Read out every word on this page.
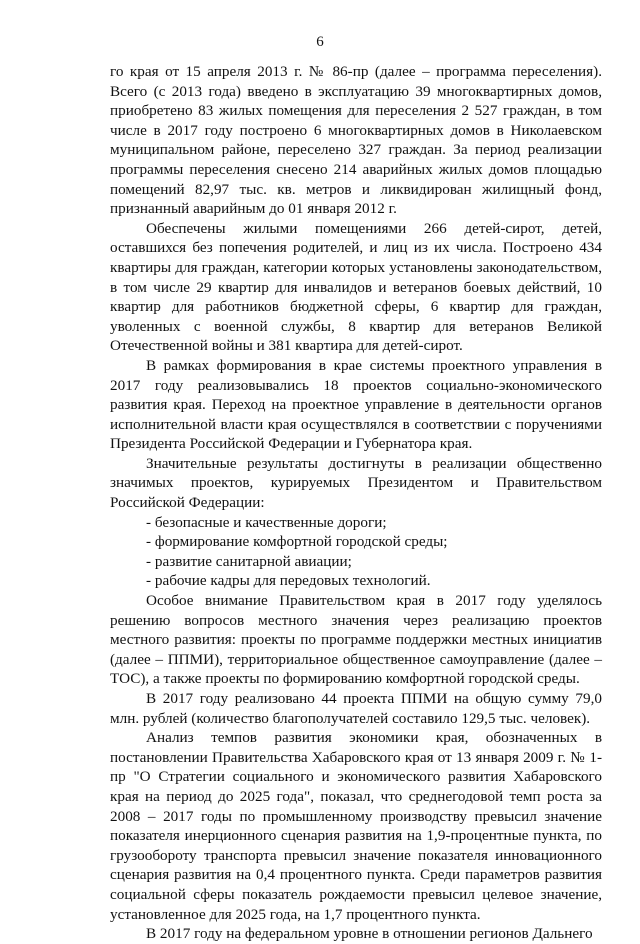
6

го края от 15 апреля 2013 г. № 86-пр (далее – программа переселения). Всего (с 2013 года) введено в эксплуатацию 39 многоквартирных домов, приобретено 83 жилых помещения для переселения 2 527 граждан, в том числе в 2017 году построено 6 многоквартирных домов в Николаевском муниципальном районе, переселено 327 граждан. За период реализации программы переселения снесено 214 аварийных жилых домов площадью помещений 82,97 тыс. кв. метров и ликвидирован жилищный фонд, признанный аварийным до 01 января 2012 г.

Обеспечены жилыми помещениями 266 детей-сирот, детей, оставшихся без попечения родителей, и лиц из их числа. Построено 434 квартиры для граждан, категории которых установлены законодательством, в том числе 29 квартир для инвалидов и ветеранов боевых действий, 10 квартир для работников бюджетной сферы, 6 квартир для граждан, уволенных с военной службы, 8 квартир для ветеранов Великой Отечественной войны и 381 квартира для детей-сирот.

В рамках формирования в крае системы проектного управления в 2017 году реализовывались 18 проектов социально-экономического развития края. Переход на проектное управление в деятельности органов исполнительной власти края осуществлялся в соответствии с поручениями Президента Российской Федерации и Губернатора края.

Значительные результаты достигнуты в реализации общественно значимых проектов, курируемых Президентом и Правительством Российской Федерации:

- безопасные и качественные дороги;

- формирование комфортной городской среды;

- развитие санитарной авиации;

- рабочие кадры для передовых технологий.

Особое внимание Правительством края в 2017 году уделялось решению вопросов местного значения через реализацию проектов местного развития: проекты по программе поддержки местных инициатив (далее – ППМИ), территориальное общественное самоуправление (далее – ТОС), а также проекты по формированию комфортной городской среды.

В 2017 году реализовано 44 проекта ППМИ на общую сумму 79,0 млн. рублей (количество благополучателей составило 129,5 тыс. человек).

Анализ темпов развития экономики края, обозначенных в постановлении Правительства Хабаровского края от 13 января 2009 г. № 1-пр "О Стратегии социального и экономического развития Хабаровского края на период до 2025 года", показал, что среднегодовой темп роста за 2008 – 2017 годы по промышленному производству превысил значение показателя инерционного сценария развития на 1,9-процентные пункта, по грузообороту транспорта превысил значение показателя инновационного сценария развития на 0,4 процентного пункта. Среди параметров развития социальной сферы показатель рождаемости превысил целевое значение, установленное для 2025 года, на 1,7 процентного пункта.

В 2017 году на федеральном уровне в отношении регионов Дальнего
